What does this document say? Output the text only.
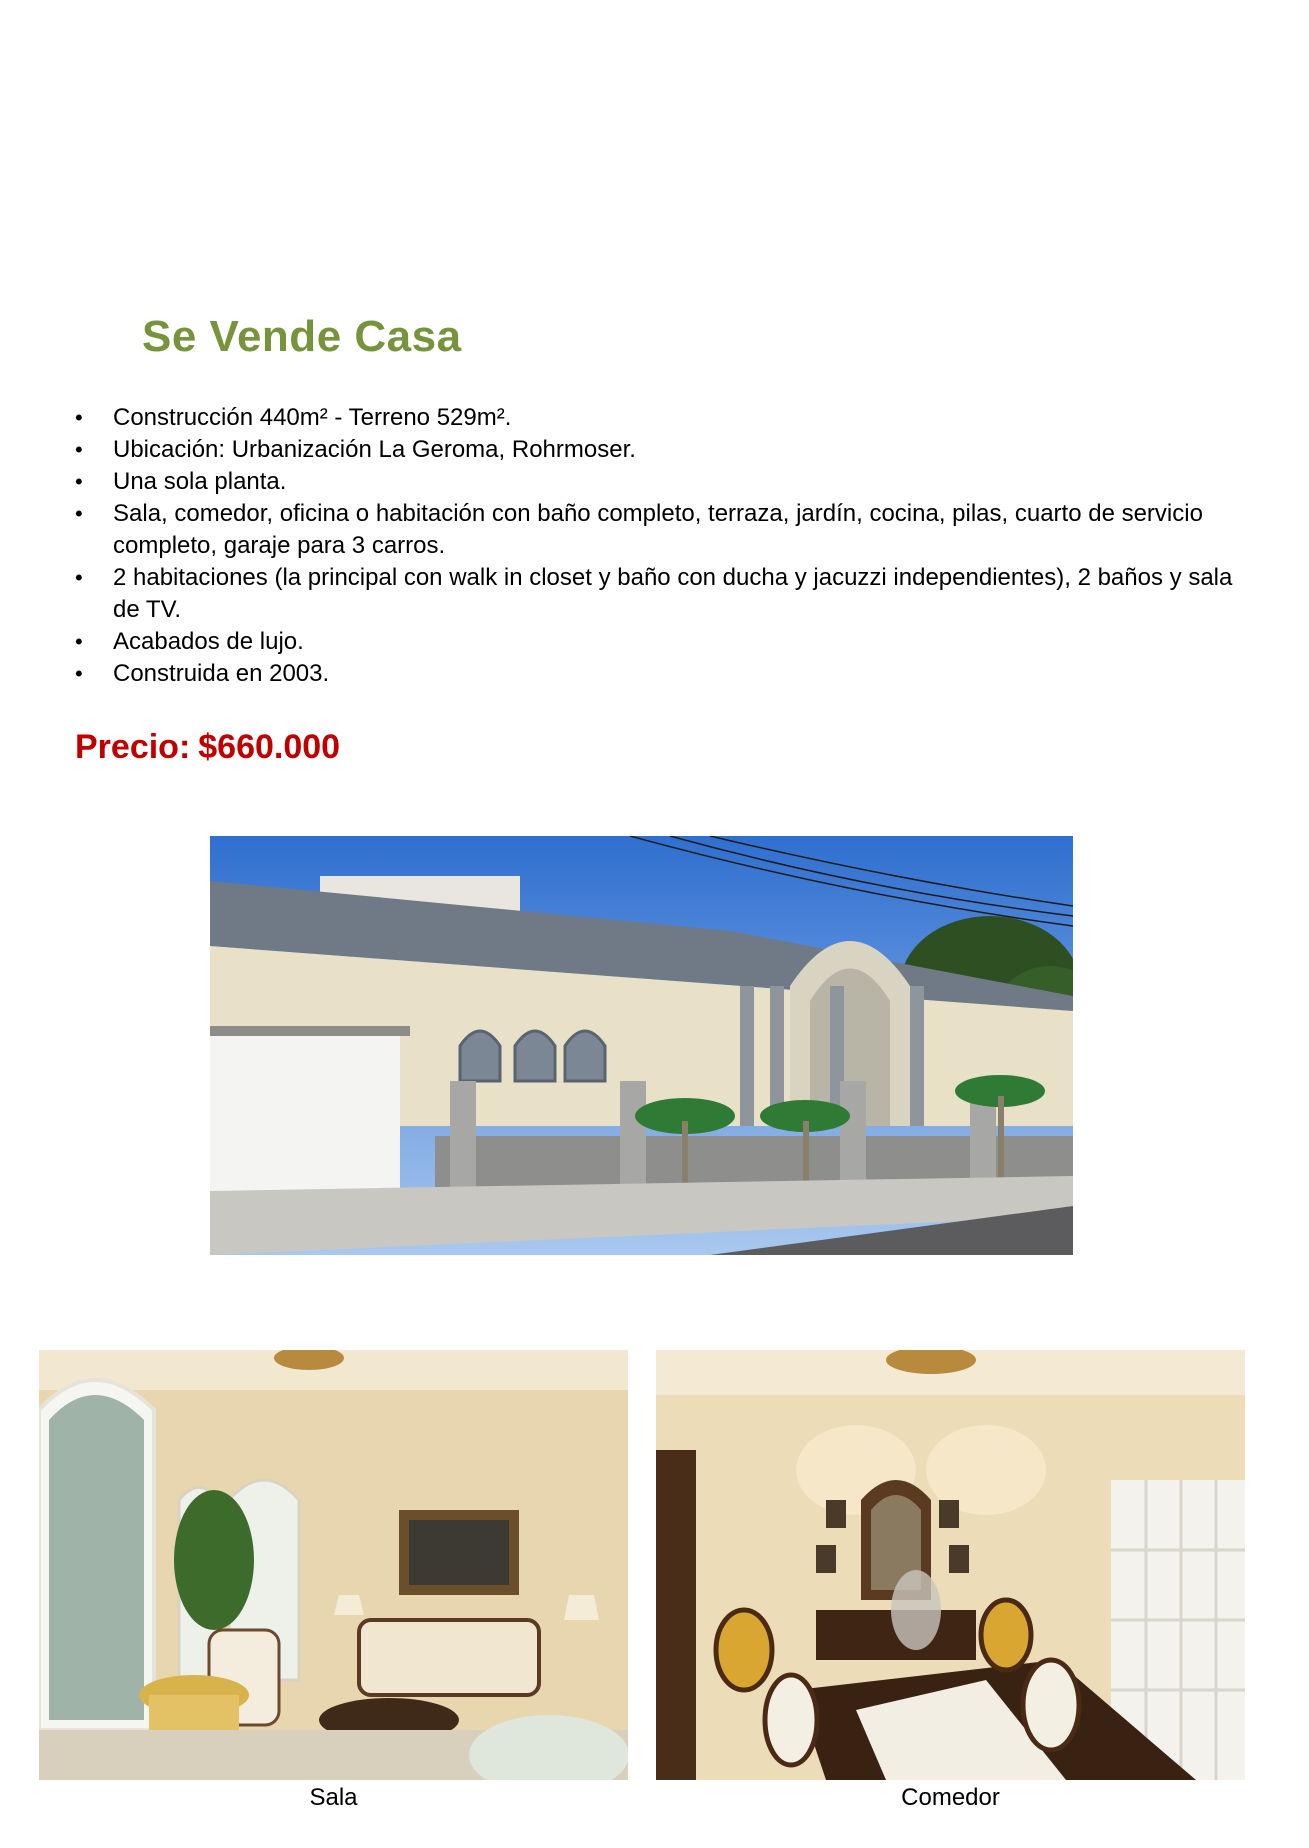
Se Vende Casa
• Construcción 440m² - Terreno 529m².
• Ubicación: Urbanización La Geroma, Rohrmoser.
• Una sola planta.
• Sala, comedor, oficina o habitación con baño completo, terraza, jardín, cocina, pilas, cuarto de servicio completo, garaje para 3 carros.
• 2 habitaciones (la principal con walk in closet y baño con ducha y jacuzzi independientes), 2 baños y sala de TV.
• Acabados de lujo.
• Construida en 2003.

Precio: $660.000

Sala	Comedor
